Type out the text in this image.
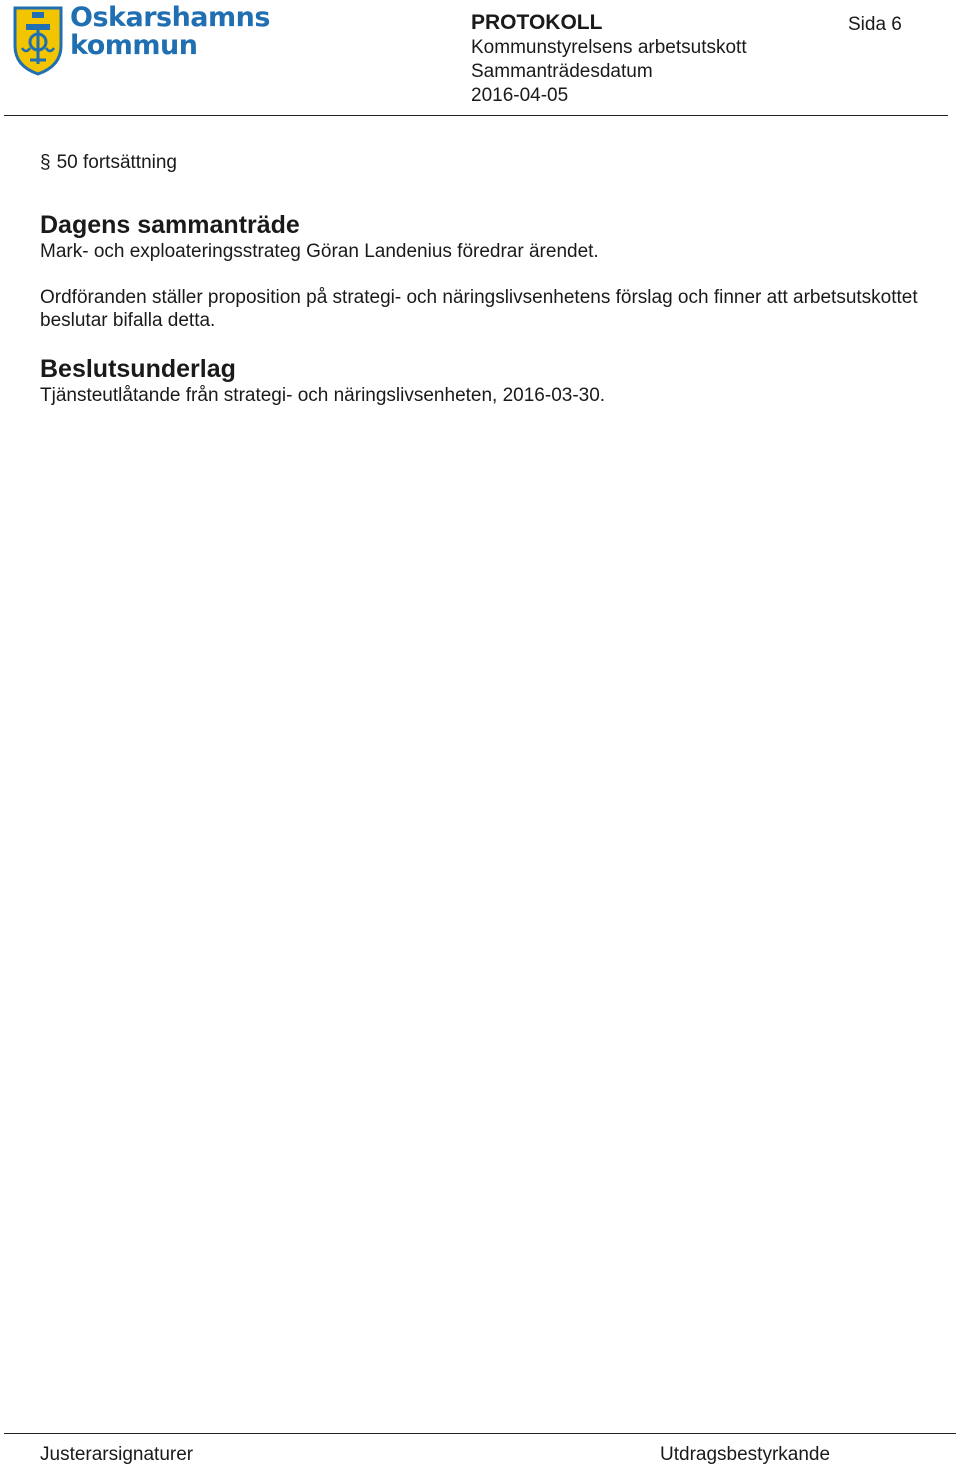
Oskarshamns
kommun
PROTOKOLL
Kommunstyrelsens arbetsutskott
Sammanträdesdatum
2016-04-05
Sida 6
§ 50 fortsättning
Dagens sammanträde

Mark- och exploateringsstrateg Göran Landenius föredrar ärendet.

Ordföranden ställer proposition på strategi- och näringslivsenhetens förslag och finner att arbetsutskottet beslutar bifalla detta.

Beslutsunderlag

Tjänsteutlåtande från strategi- och näringslivsenheten, 2016-03-30.

Justerarsignaturer	Utdragsbestyrkande
